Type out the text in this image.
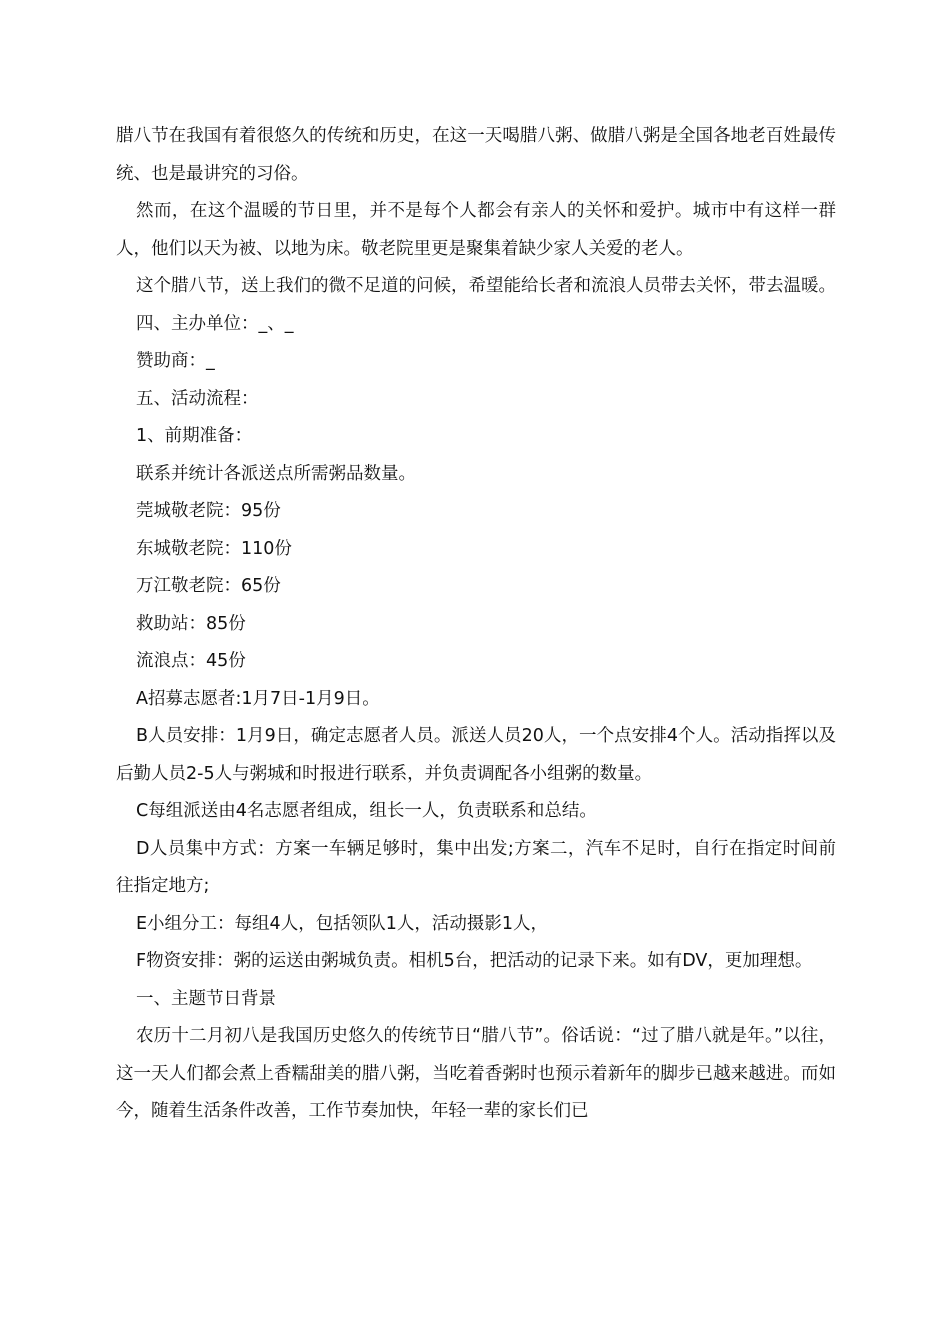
腊八节在我国有着很悠久的传统和历史，在这一天喝腊八粥、做腊八粥是全国各地老百姓最传统、也是最讲究的习俗。

然而，在这个温暖的节日里，并不是每个人都会有亲人的关怀和爱护。城市中有这样一群人，他们以天为被、以地为床。敬老院里更是聚集着缺少家人关爱的老人。

这个腊八节，送上我们的微不足道的问候，希望能给长者和流浪人员带去关怀，带去温暖。

四、主办单位：_、_

赞助商：_

五、活动流程：

1、前期准备：

联系并统计各派送点所需粥品数量。

莞城敬老院：95份

东城敬老院：110份

万江敬老院：65份

救助站：85份

流浪点：45份

A招募志愿者:1月7日-1月9日。

B人员安排：1月9日，确定志愿者人员。派送人员20人，一个点安排4个人。活动指挥以及后勤人员2-5人与粥城和时报进行联系，并负责调配各小组粥的数量。

C每组派送由4名志愿者组成，组长一人，负责联系和总结。

D人员集中方式：方案一车辆足够时，集中出发;方案二，汽车不足时，自行在指定时间前往指定地方;

E小组分工：每组4人，包括领队1人，活动摄影1人，

F物资安排：粥的运送由粥城负责。相机5台，把活动的记录下来。如有DV，更加理想。

一、主题节日背景

农历十二月初八是我国历史悠久的传统节日“腊八节”。俗话说：“过了腊八就是年。”以往，这一天人们都会煮上香糯甜美的腊八粥，当吃着香粥时也预示着新年的脚步已越来越进。而如今，随着生活条件改善，工作节奏加快，年轻一辈的家长们已
